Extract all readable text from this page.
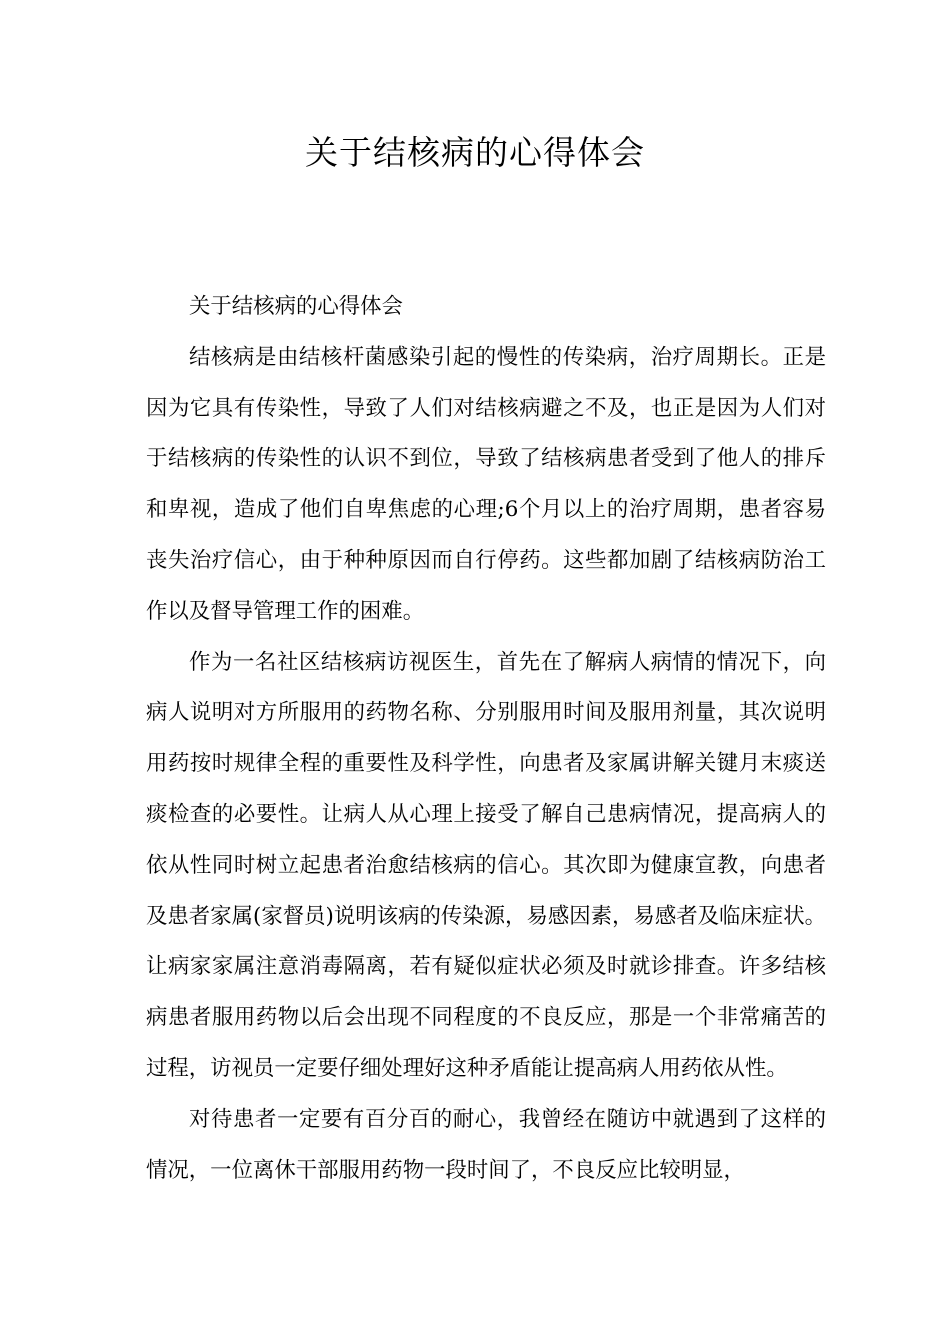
关于结核病的心得体会

关于结核病的心得体会

结核病是由结核杆菌感染引起的慢性的传染病，治疗周期长。正是因为它具有传染性，导致了人们对结核病避之不及，也正是因为人们对于结核病的传染性的认识不到位，导致了结核病患者受到了他人的排斥和卑视，造成了他们自卑焦虑的心理;6个月以上的治疗周期，患者容易丧失治疗信心，由于种种原因而自行停药。这些都加剧了结核病防治工作以及督导管理工作的困难。

作为一名社区结核病访视医生，首先在了解病人病情的情况下，向病人说明对方所服用的药物名称、分别服用时间及服用剂量，其次说明用药按时规律全程的重要性及科学性，向患者及家属讲解关键月末痰送痰检查的必要性。让病人从心理上接受了解自己患病情况，提高病人的依从性同时树立起患者治愈结核病的信心。其次即为健康宣教，向患者及患者家属(家督员)说明该病的传染源，易感因素，易感者及临床症状。让病家家属注意消毒隔离，若有疑似症状必须及时就诊排查。许多结核病患者服用药物以后会出现不同程度的不良反应，那是一个非常痛苦的过程，访视员一定要仔细处理好这种矛盾能让提高病人用药依从性。

对待患者一定要有百分百的耐心，我曾经在随访中就遇到了这样的情况，一位离休干部服用药物一段时间了，不良反应比较明显，
